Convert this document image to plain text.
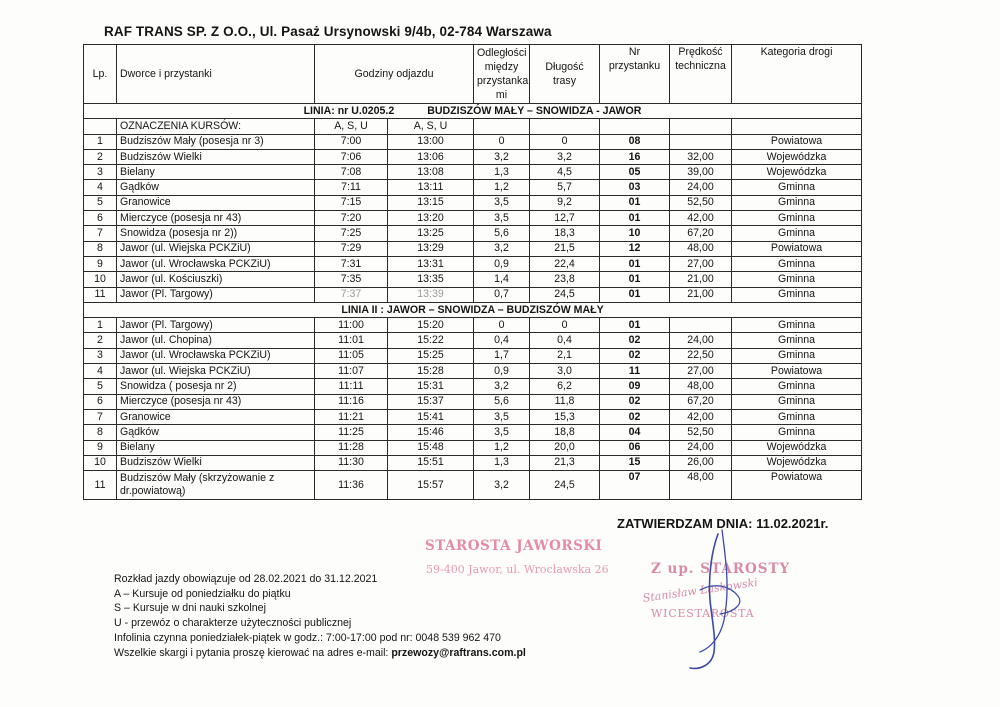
RAF TRANS SP. Z O.O., Ul. Pasaż Ursynowski 9/4b, 02-784 Warszawa
Lp.	Dworce i przystanki	Godziny odjazdu		Odległości między przystanka mi	Długość trasy	Nr przystanku	Prędkość techniczna	Kategoria drogi
LINIA: nr U.0205.2 BUDZISZÓW MAŁY – SNOWIDZA - JAWOR								
	OZNACZENIA KURSÓW:	A, S, U	A, S, U					
1	Budziszów Mały (posesja nr 3)	7:00	13:00	0	0	08		Powiatowa
2	Budziszów Wielki	7:06	13:06	3,2	3,2	16	32,00	Wojewódzka
3	Bielany	7:08	13:08	1,3	4,5	05	39,00	Wojewódzka
4	Gądków	7:11	13:11	1,2	5,7	03	24,00	Gminna
5	Granowice	7:15	13:15	3,5	9,2	01	52,50	Gminna
6	Mierczyce (posesja nr 43)	7:20	13:20	3,5	12,7	01	42,00	Gminna
7	Snowidza (posesja nr 2))	7:25	13:25	5,6	18,3	10	67,20	Gminna
8	Jawor (ul. Wiejska PCKZiU)	7:29	13:29	3,2	21,5	12	48,00	Powiatowa
9	Jawor (ul. Wrocławska PCKZiU)	7:31	13:31	0,9	22,4	01	27,00	Gminna
10	Jawor (ul. Kościuszki)	7:35	13:35	1,4	23,8	01	21,00	Gminna
11	Jawor (Pl. Targowy)	7:37	13:39	0,7	24,5	01	21,00	Gminna
LINIA II : JAWOR – SNOWIDZA – BUDZISZÓW MAŁY								
1	Jawor (Pl. Targowy)	11:00	15:20	0	0	01		Gminna
2	Jawor (ul. Chopina)	11:01	15:22	0,4	0,4	02	24,00	Gminna
3	Jawor (ul. Wrocławska PCKZiU)	11:05	15:25	1,7	2,1	02	22,50	Gminna
4	Jawor (ul. Wiejska PCKZiU)	11:07	15:28	0,9	3,0	11	27,00	Powiatowa
5	Snowidza ( posesja nr 2)	11:11	15:31	3,2	6,2	09	48,00	Gminna
6	Mierczyce (posesja nr 43)	11:16	15:37	5,6	11,8	02	67,20	Gminna
7	Granowice	11:21	15:41	3,5	15,3	02	42,00	Gminna
8	Gądków	11:25	15:46	3,5	18,8	04	52,50	Gminna
9	Bielany	11:28	15:48	1,2	20,0	06	24,00	Wojewódzka
10	Budziszów Wielki	11:30	15:51	1,3	21,3	15	26,00	Wojewódzka
11	Budziszów Mały (skrzyżowanie z dr.powiatową)	11:36	15:57	3,2	24,5	07	48,00	Powiatowa
ZATWIERDZAM DNIA: 11.02.2021r.
STAROSTA JAWORSKI
59-400 Jawor, ul. Wrocławska 26	Z up. STAROSTY
Stanisław Laskowski
WICESTAROSTA
Rozkład jazdy obowiązuje od 28.02.2021 do 31.12.2021
A – Kursuje od poniedziałku do piątku
S – Kursuje w dni nauki szkolnej
U - przewóz o charakterze użyteczności publicznej
Infolinia czynna poniedziałek-piątek w godz.: 7:00-17:00 pod nr: 0048 539 962 470
Wszelkie skargi i pytania proszę kierować na adres e-mail: przewozy@raftrans.com.pl
